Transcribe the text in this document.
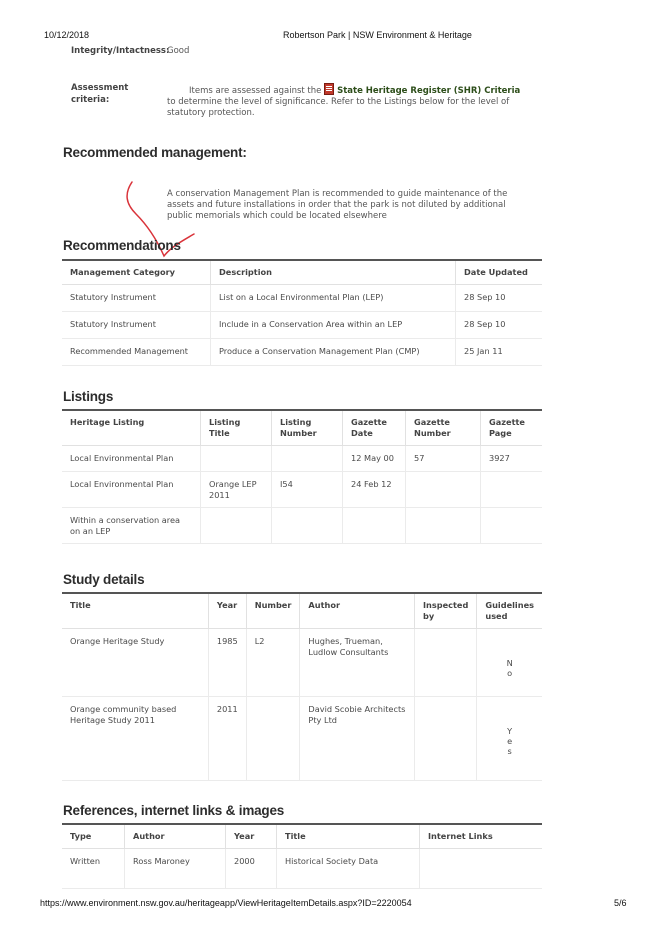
10/12/2018	Robertson Park | NSW Environment & Heritage
Integrity/Intactness:
Good
Assessment criteria:
Items are assessed against the State Heritage Register (SHR) Criteria to determine the level of significance. Refer to the Listings below for the level of statutory protection.
Recommended management:
A conservation Management Plan is recommended to guide maintenance of the assets and future installations in order that the park is not diluted by additional public memorials which could be located elsewhere
Recommendations
Management Category	Description	Date Updated
Statutory Instrument	List on a Local Environmental Plan (LEP)	28 Sep 10
Statutory Instrument	Include in a Conservation Area within an LEP	28 Sep 10
Recommended Management	Produce a Conservation Management Plan (CMP)	25 Jan 11
Listings
Heritage Listing	Listing Title	Listing Number	Gazette Date	Gazette Number	Gazette Page
Local Environmental Plan			12 May 00	57	3927
Local Environmental Plan	Orange LEP 2011	I54	24 Feb 12		
Within a conservation area on an LEP					
Study details
Title	Year	Number	Author	Inspected by	Guidelines used
Orange Heritage Study	1985	L2	Hughes, Trueman, Ludlow Consultants		N
o

Orange community based Heritage Study 2011	2011		David Scobie Architects Pty Ltd		Y
e
s
References, internet links & images
Type	Author	Year	Title	Internet Links
Written	Ross Maroney	2000	Historical Society Data	
https://www.environment.nsw.gov.au/heritageapp/ViewHeritageItemDetails.aspx?ID=2220054	5/6
